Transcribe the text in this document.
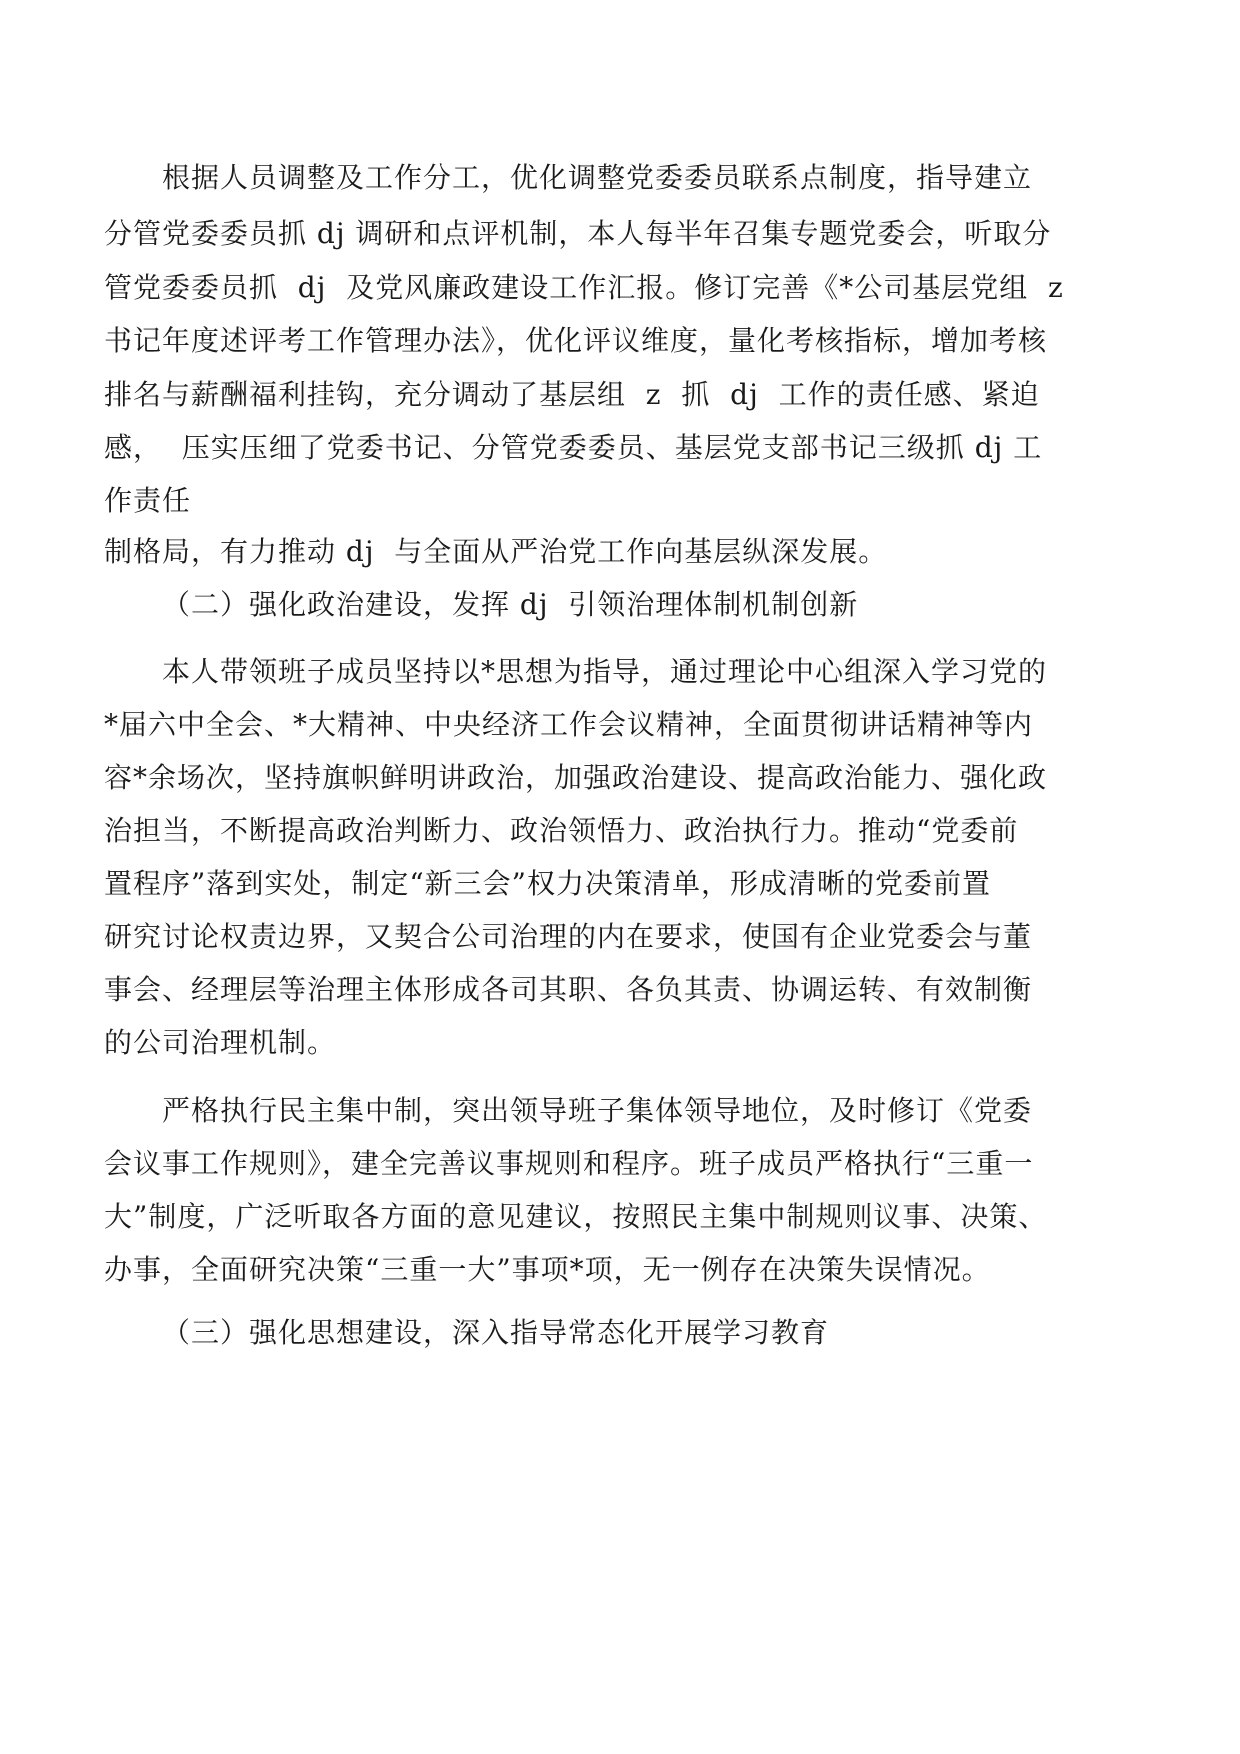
根据人员调整及工作分工，优化调整党委委员联系点制度，指导建立
分管党委委员抓 dj 调研和点评机制，本人每半年召集专题党委会，听取分
管党委委员抓  dj  及党风廉政建设工作汇报。修订完善《*公司基层党组  z
书记年度述评考工作管理办法》，优化评议维度，量化考核指标，增加考核
排名与薪酬福利挂钩，充分调动了基层组  z  抓  dj  工作的责任感、紧迫
感，  压实压细了党委书记、分管党委委员、基层党支部书记三级抓 dj 工
作责任
制格局，有力推动 dj  与全面从严治党工作向基层纵深发展。
（二）强化政治建设，发挥 dj  引领治理体制机制创新
本人带领班子成员坚持以*思想为指导，通过理论中心组深入学习党的
*届六中全会、*大精神、中央经济工作会议精神，全面贯彻讲话精神等内
容*余场次，坚持旗帜鲜明讲政治，加强政治建设、提高政治能力、强化政
治担当，不断提高政治判断力、政治领悟力、政治执行力。推动“党委前
置程序”落到实处，制定“新三会”权力决策清单，形成清晰的党委前置
研究讨论权责边界，又契合公司治理的内在要求，使国有企业党委会与董
事会、经理层等治理主体形成各司其职、各负其责、协调运转、有效制衡
的公司治理机制。
严格执行民主集中制，突出领导班子集体领导地位，及时修订《党委
会议事工作规则》，建全完善议事规则和程序。班子成员严格执行“三重一
大”制度，广泛听取各方面的意见建议，按照民主集中制规则议事、决策、
办事，全面研究决策“三重一大”事项*项，无一例存在决策失误情况。
（三）强化思想建设，深入指导常态化开展学习教育
